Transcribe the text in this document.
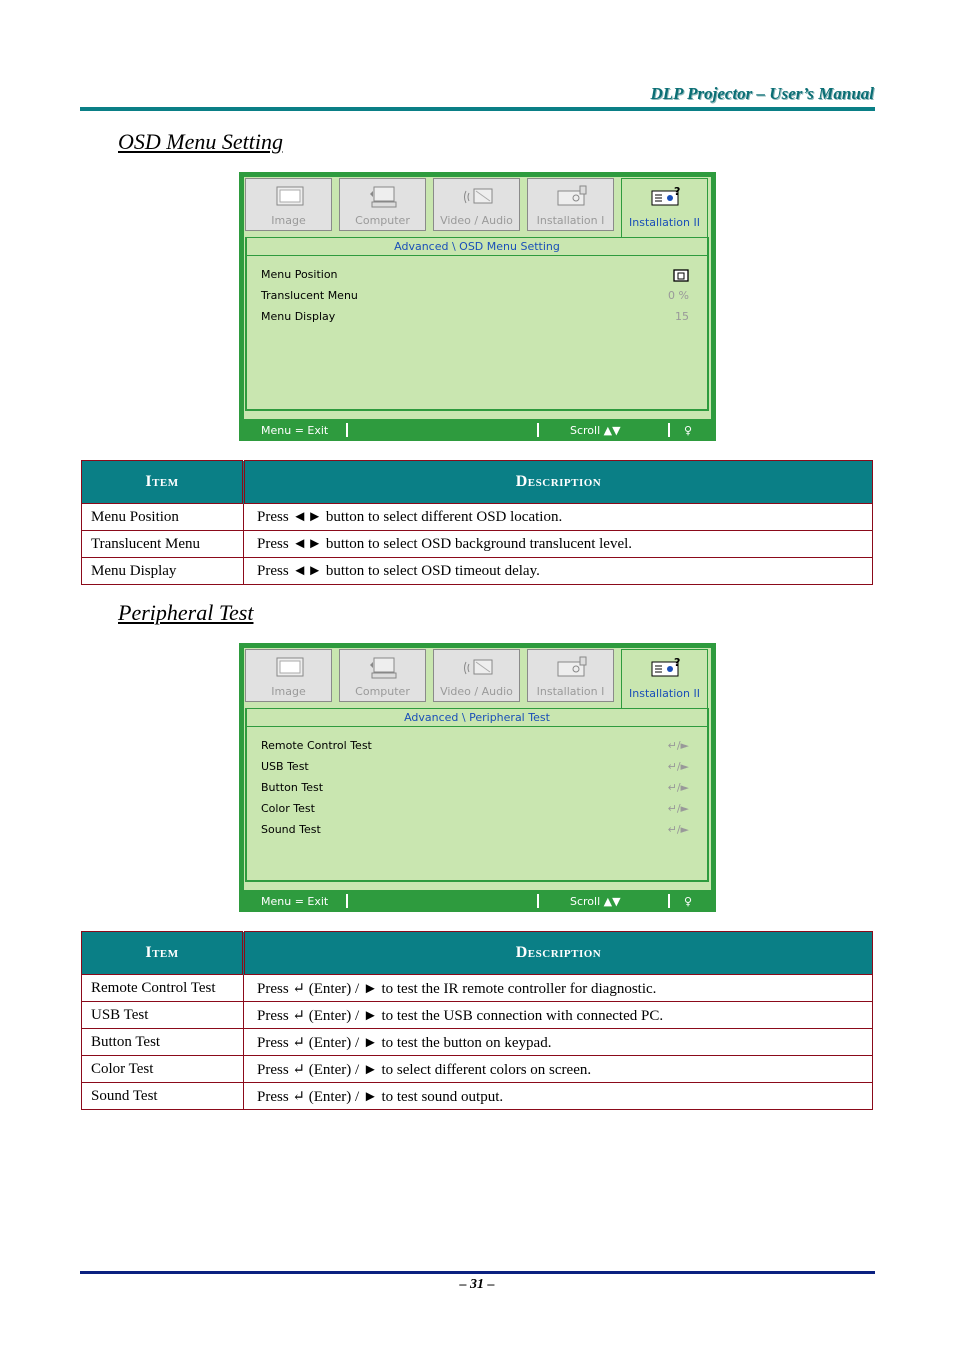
DLP Projector – User’s Manual
OSD Menu Setting
Image	Computer	Video / Audio	Installation I
?
Installation II
Advanced \ OSD Menu Setting
Menu Position
Translucent Menu	0 %
Menu Display	15
Menu = Exit	Scroll ▲▼	♀
Item	Description
Menu Position	Press ◄► button to select different OSD location.
Translucent Menu	Press ◄► button to select OSD background translucent level.
Menu Display	Press ◄► button to select OSD timeout delay.
Peripheral Test
Image	Computer	Video / Audio	Installation I
?
Installation II
Advanced \ Peripheral Test
Remote Control Test	↵/►
USB Test	↵/►
Button Test	↵/►
Color Test	↵/►
Sound Test	↵/►
Menu = Exit	Scroll ▲▼	♀
Item	Description
Remote Control Test	Press ↵ (Enter) / ► to test the IR remote controller for diagnostic.
USB Test	Press ↵ (Enter) / ► to test the USB connection with connected PC.
Button Test	Press ↵ (Enter) / ► to test the button on keypad.
Color Test	Press ↵ (Enter) / ► to select different colors on screen.
Sound Test	Press ↵ (Enter) / ► to test sound output.
– 31 –
